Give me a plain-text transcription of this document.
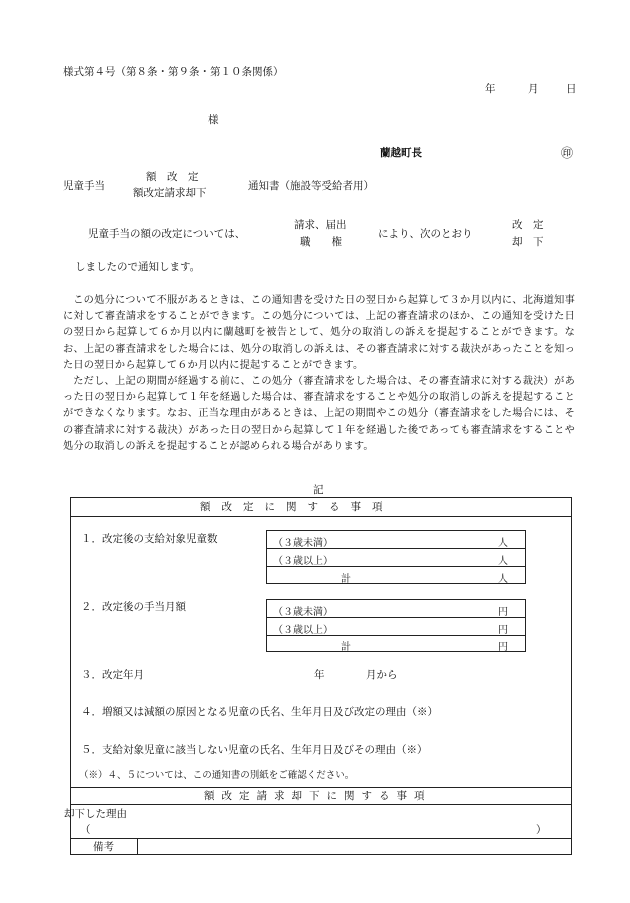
様式第４号（第８条・第９条・第１０条関係）
年	月	日
様
蘭越町長	㊞
児童手当
額　改　定
額改定請求却下
通知書（施設等受給者用）
児童手当の額の改定については、
請求、届出
職　　権
により、次のとおり
改　定
却　下
しましたので通知します。

この処分について不服があるときは、この通知書を受けた日の翌日から起算して３か月以内に、北海道知事に対して審査請求をすることができます。この処分については、上記の審査請求のほか、この通知を受けた日の翌日から起算して６か月以内に蘭越町を被告として、処分の取消しの訴えを提起することができます。なお、上記の審査請求をした場合には、処分の取消しの訴えは、その審査請求に対する裁決があったことを知った日の翌日から起算して６か月以内に提起することができます。

ただし、上記の期間が経過する前に、この処分（審査請求をした場合は、その審査請求に対する裁決）があった日の翌日から起算して１年を経過した場合は、審査請求をすることや処分の取消しの訴えを提起することができなくなります。なお、正当な理由があるときは、上記の期間やこの処分（審査請求をした場合には、その審査請求に対する裁決）があった日の翌日から起算して１年を経過した後であっても審査請求をすることや処分の取消しの訴えを提起することが認められる場合があります。

記
額改定に関する事項
１．改定後の支給対象児童数	（３歳未満）	人
（３歳以上）	人
計	人
２．改定後の手当月額	（３歳未満）	円
（３歳以上）	円
計	円
３．改定年月	年	月から
４．増額又は減額の原因となる児童の氏名、生年月日及び改定の理由（※）
５．支給対象児童に該当しない児童の氏名、生年月日及びその理由（※）
（※）４、５については、この通知書の別紙をご確認ください。
額改定請求却下に関する事項
却下した理由
（	）
備考
